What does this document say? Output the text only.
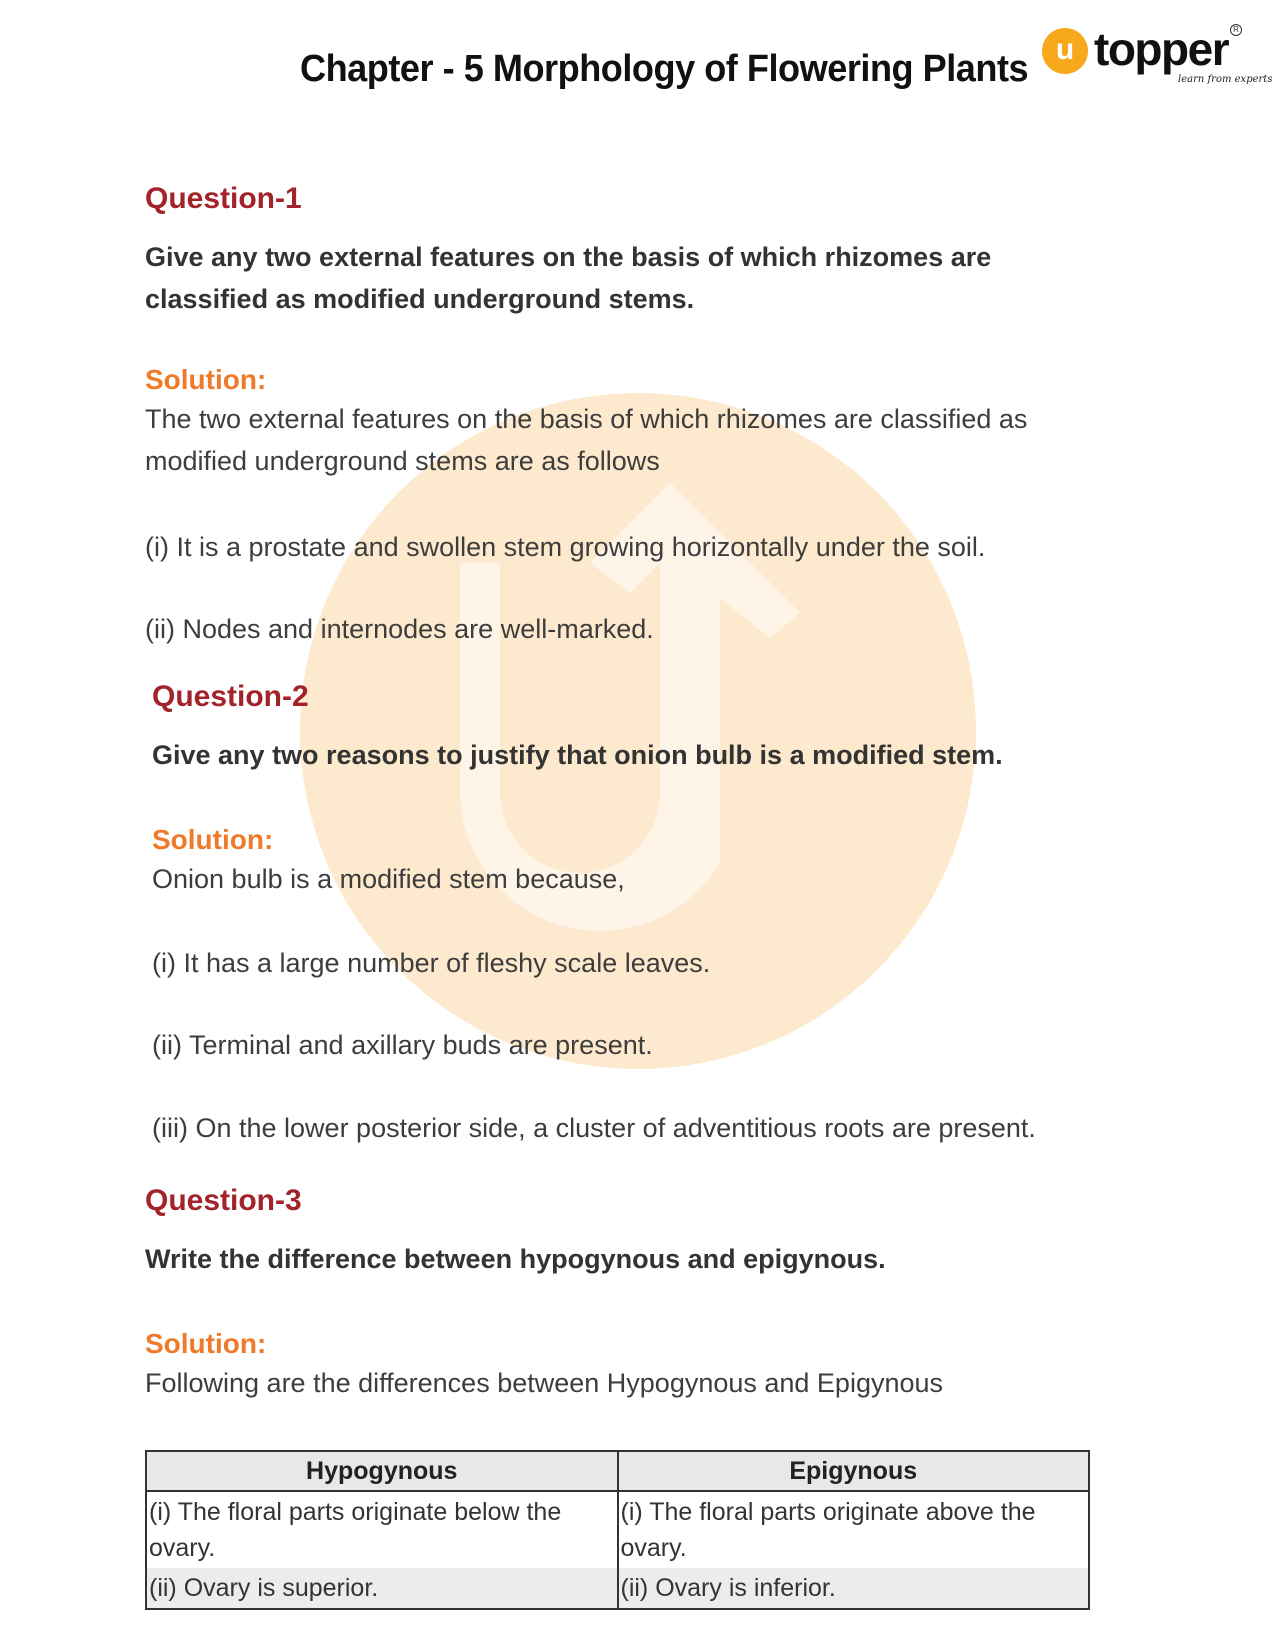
Chapter - 5 Morphology of Flowering Plants u topper
learn from experts
R
Question-1
Give any two external features on the basis of which rhizomes are classified as modified underground stems.
Solution:
The two external features on the basis of which rhizomes are classified as modified underground stems are as follows
(i) It is a prostate and swollen stem growing horizontally under the soil.
(ii) Nodes and internodes are well-marked.
Question-2
Give any two reasons to justify that onion bulb is a modified stem.
Solution:
Onion bulb is a modified stem because,
(i) It has a large number of fleshy scale leaves.
(ii) Terminal and axillary buds are present.
(iii) On the lower posterior side, a cluster of adventitious roots are present.
Question-3
Write the difference between hypogynous and epigynous.
Solution:
Following are the differences between Hypogynous and Epigynous
Hypogynous	Epigynous
(i) The floral parts originate below the ovary.	(i) The floral parts originate above the ovary.
(ii) Ovary is superior.	(ii) Ovary is inferior.
